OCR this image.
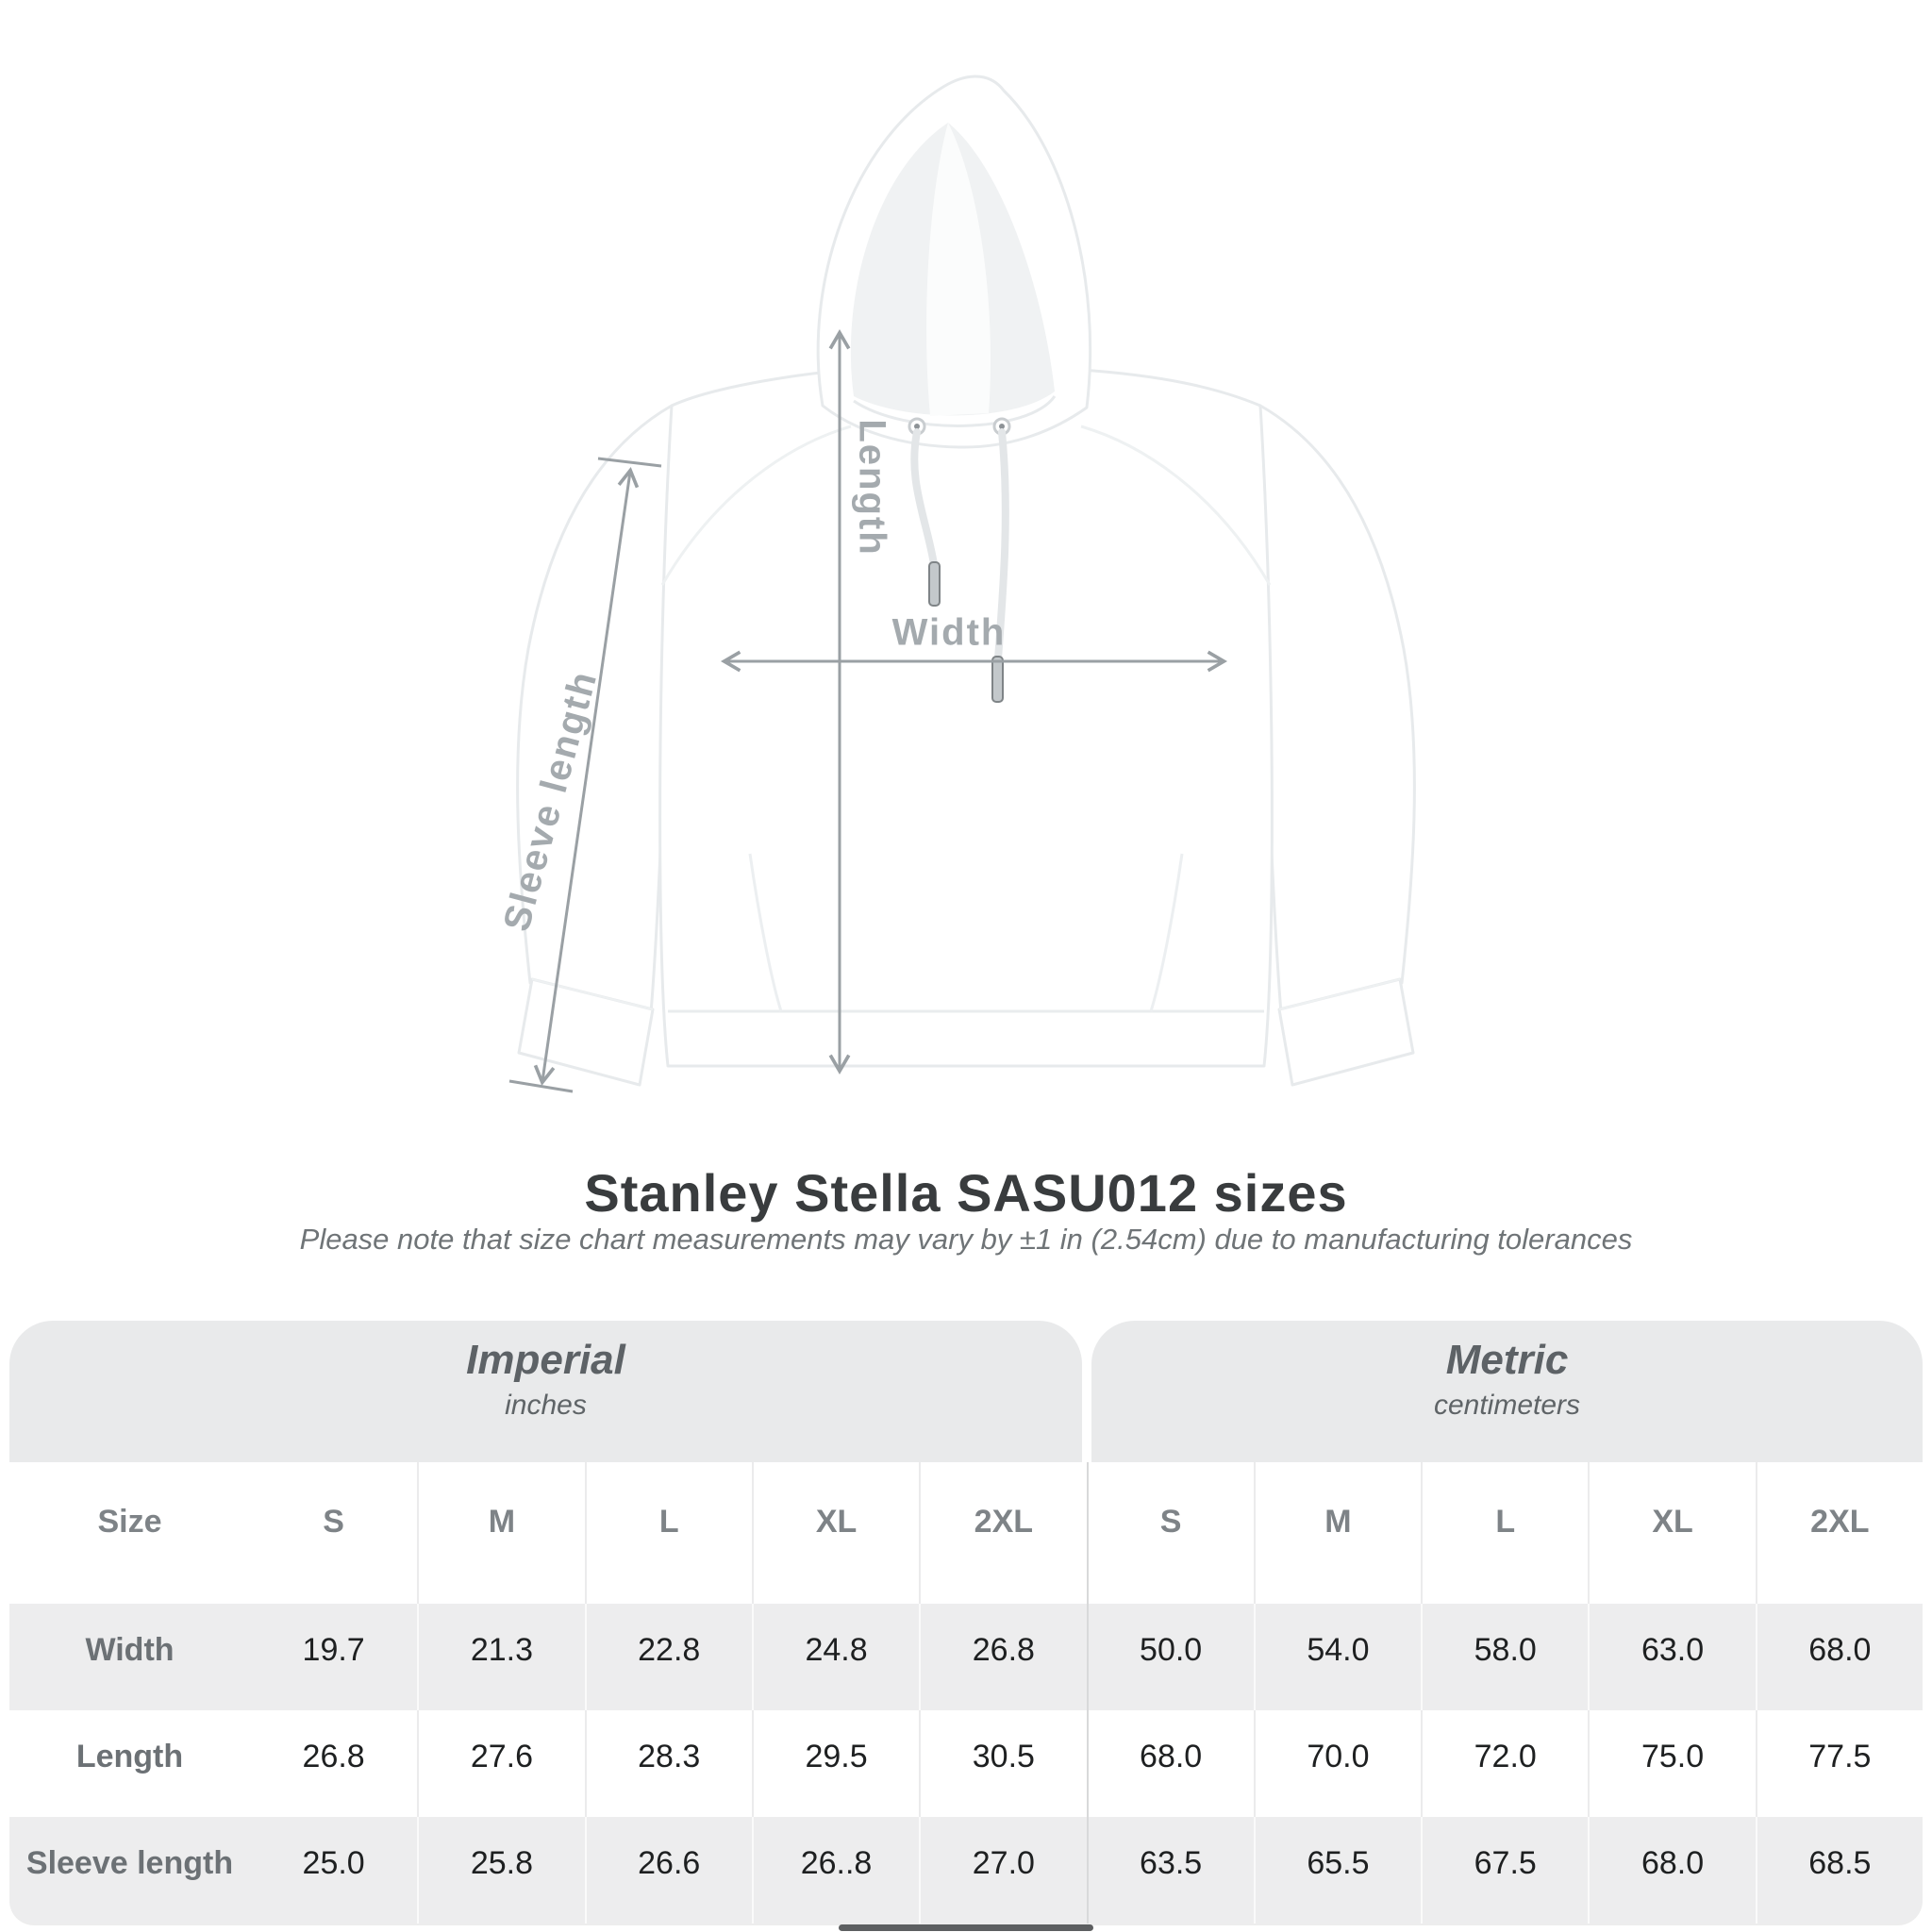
Length
Width
Sleeve length
Stanley Stella SASU012 sizes
Please note that size chart measurements may vary by ±1 in (2.54cm) due to manufacturing tolerances
Imperial
inches
Metric
centimeters
Size	S	M	L	XL	2XL	S	M	L	XL	2XL
Width	19.7	21.3	22.8	24.8	26.8	50.0	54.0	58.0	63.0	68.0
Length	26.8	27.6	28.3	29.5	30.5	68.0	70.0	72.0	75.0	77.5
Sleeve length	25.0	25.8	26.6	26..8	27.0	63.5	65.5	67.5	68.0	68.5
